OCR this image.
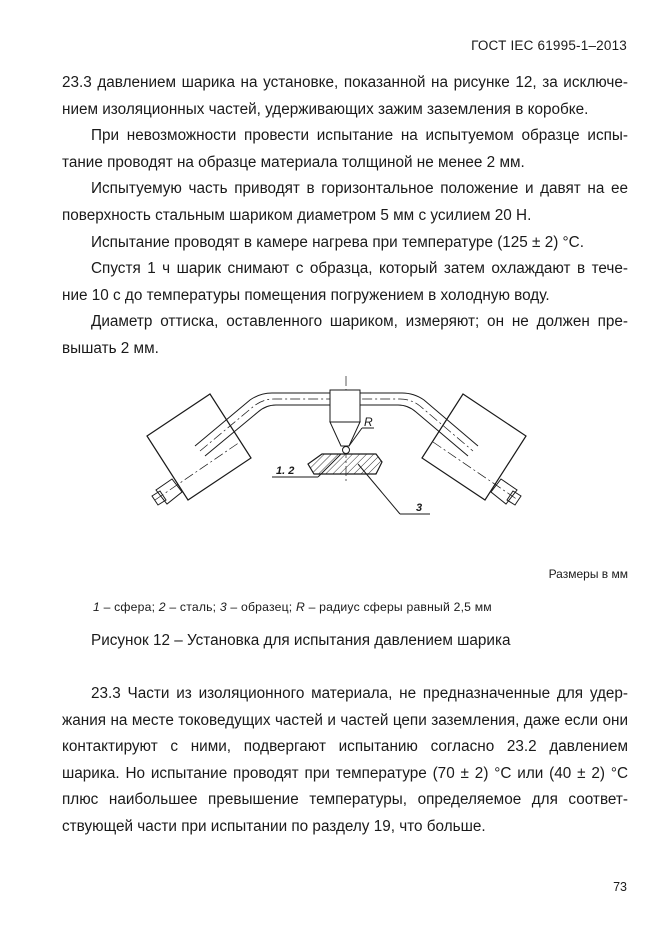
ГОСТ IEC 61995-1–2013

23.3 давлением шарика на установке, показанной на рисунке 12, за исключе-нием изоляционных частей, удерживающих зажим заземления в коробке.

При невозможности провести испытание на испытуемом образце испы-тание проводят на образце материала толщиной не менее 2 мм.

Испытуемую часть приводят в горизонтальное положение и давят на ее поверхность стальным шариком диаметром 5 мм с усилием 20 Н.

Испытание проводят в камере нагрева при температуре (125 ± 2) °С.

Спустя 1 ч шарик снимают с образца, который затем охлаждают в тече-ние 10 с до температуры помещения погружением в холодную воду.

Диаметр оттиска, оставленного шариком, измеряют; он не должен пре-вышать 2 мм.

R
1. 2
3
Размеры в мм
1 – сфера; 2 – сталь; 3 – образец; R – радиус сферы равный 2,5 мм
Рисунок 12 – Установка для испытания давлением шарика

23.3 Части из изоляционного материала, не предназначенные для удер-жания на месте токоведущих частей и частей цепи заземления, даже если они контактируют с ними, подвергают испытанию согласно 23.2 давлением шарика. Но испытание проводят при температуре (70 ± 2) °С или (40 ± 2) °С плюс наибольшее превышение температуры, определяемое для соответ-ствующей части при испытании по разделу 19, что больше.

73
